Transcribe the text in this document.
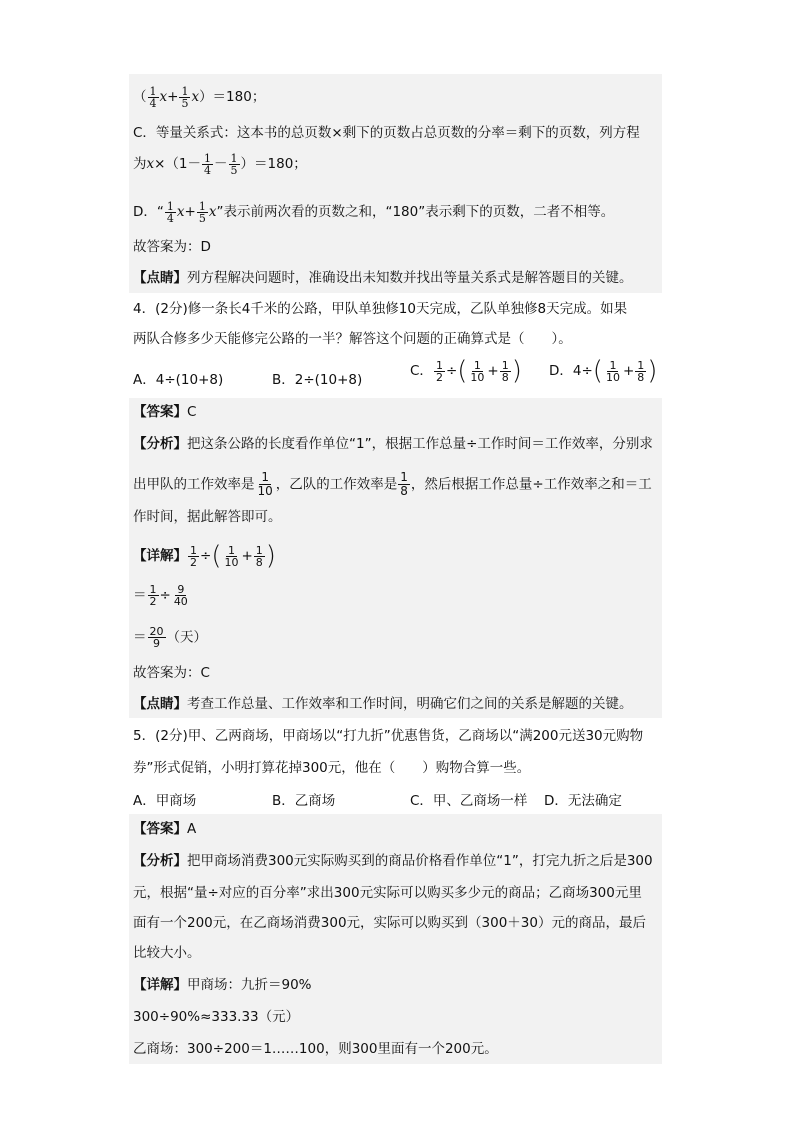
（ $\frac{1}{4} x+ \frac{1}{5} x)=180$；
C．等量关系式：这本书的总页数×剩下的页数占总页数的分率＝剩下的页数，列方程
为$x\times(1- \frac{1}{4} - \frac{1}{5} )=180$；
D．“ $\frac{1}{4} x+ \frac{1}{5} x$”表示前两次看的页数之和，“180”表示剩下的页数，二者不相等。
故答案为：D
【点睛】列方程解决问题时，准确设出未知数并找出等量关系式是解答题目的关键。
4．(2分)修一条长4千米的公路，甲队单独修10天完成，乙队单独修8天完成。如果
两队合修多少天能修完公路的一半？解答这个问题的正确算式是（　　）。
A．4÷(10+8)	B．2÷(10+8)
C． $\frac{1}{2}$ ÷( $\frac{1}{10} + \frac{1}{8}$ ) D．$4\div( \frac{1}{10} + \frac{1}{8}$ )
【答案】C
【分析】把这条公路的长度看作单位“1”，根据工作总量÷工作时间＝工作效率，分别求
出甲队的工作效率是 $\frac{1}{10}$ ，乙队的工作效率是 $\frac{1}{8}$ ，然后根据工作总量÷工作效率之和＝工
作时间，据此解答即可。
【详解】 $\frac{1}{2}$ ÷( $\frac{1}{10} + \frac{1}{8}$ )
＝ $\frac{1}{2} \div \frac{9}{40}$
＝ $\frac{20}{9}$ （天）
故答案为：C
【点睛】考查工作总量、工作效率和工作时间，明确它们之间的关系是解题的关键。
5．(2分)甲、乙两商场，甲商场以“打九折”优惠售货，乙商场以“满200元送30元购物
券”形式促销，小明打算花掉300元，他在（　　）购物合算一些。
A．甲商场	B．乙商场	C．甲、乙商场一样 D．无法确定
【答案】A
【分析】把甲商场消费300元实际购买到的商品价格看作单位“1”，打完九折之后是300
元，根据“量÷对应的百分率”求出300元实际可以购买多少元的商品；乙商场300元里
面有一个200元，在乙商场消费300元，实际可以购买到（300＋30）元的商品，最后
比较大小。
【详解】甲商场：九折＝90%
300÷90%≈333.33（元）
乙商场：300÷200＝1……100，则300里面有一个200元。
